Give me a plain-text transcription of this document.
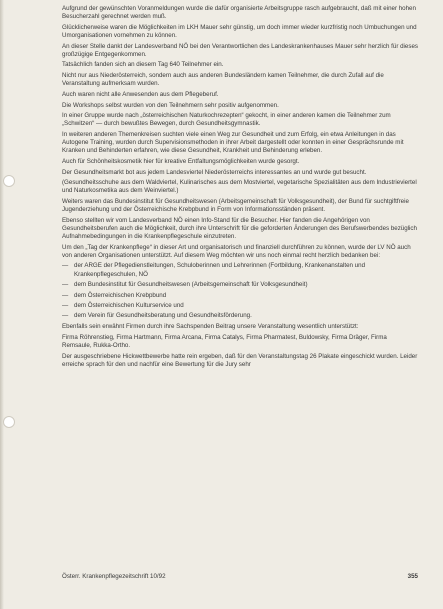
Aufgrund der gewünschten Voranmeldungen wurde die dafür organisierte Arbeitsgruppe rasch aufgebraucht, daß mit einer hohen Besucherzahl gerechnet werden muß.

Glücklicherweise waren die Möglichkeiten im LKH Mauer sehr günstig, um doch immer wieder kurzfristig noch Umbuchungen und Umorganisationen vornehmen zu können.

An dieser Stelle dankt der Landesverband NÖ bei den Verantwortlichen des Landeskrankenhauses Mauer sehr herzlich für dieses großzügige Entgegenkommen.

Tatsächlich fanden sich an diesem Tag 640 Teilnehmer ein.

Nicht nur aus Niederösterreich, sondern auch aus anderen Bundesländern kamen Teilnehmer, die durch Zufall auf die Veranstaltung aufmerksam wurden.

Auch waren nicht alle Anwesenden aus dem Pflegeberuf.

Die Workshops selbst wurden von den Teilnehmern sehr positiv aufgenommen.

In einer Gruppe wurde nach „österreichischen Naturkochrezepten“ gekocht, in einer anderen kamen die Teilnehmer zum „Schwitzen“ — durch bewußtes Bewegen, durch Gesundheitsgymnastik.

In weiteren anderen Themenkreisen suchten viele einen Weg zur Gesundheit und zum Erfolg, ein etwa Anleitungen in das Autogene Training, wurden durch Supervisionsmethoden in ihrer Arbeit dargestellt oder konnten in einer Gesprächsrunde mit Kranken und Behinderten erfahren, wie diese Gesundheit, Krankheit und Behinderung erleben.

Auch für Schönheitskosmetik hier für kreative Entfaltungsmöglichkeiten wurde gesorgt.

Der Gesundheitsmarkt bot aus jedem Landesviertel Niederösterreichs interessantes an und wurde gut besucht.

(Gesundheitsschuhe aus dem Waldviertel, Kulinarisches aus dem Mostviertel, vegetarische Spezialitäten aus dem Industrieviertel und Naturkosmetika aus dem Weinviertel.)

Weiters waren das Bundesinstitut für Gesundheitswesen (Arbeitsgemeinschaft für Volksgesundheit), der Bund für suchtgiftfreie Jugenderziehung und der Österreichische Krebpbund in Form von Informationsständen präsent.

Ebenso stellten wir vom Landesverband NÖ einen Info-Stand für die Besucher. Hier fanden die Angehörigen von Gesundheitsberufen auch die Möglichkeit, durch ihre Unterschrift für die geforderten Änderungen des Berufswerbendes bezüglich Aufnahmebedingungen in die Krankenpflegeschule einzutreten.

Um den „Tag der Krankenpflege“ in dieser Art und organisatorisch und finanziell durchführen zu können, wurde der LV NÖ auch von anderen Organisationen unterstützt. Auf diesem Weg möchten wir uns noch einmal recht herzlich bedanken bei:

— der ARGE der Pflegedienstleitungen, Schuloberinnen und Lehrerinnen (Fortbildung, Krankenanstalten und Krankenpflegeschulen, NÖ
— dem Bundesinstitut für Gesundheitswesen (Arbeitsgemeinschaft für Volksgesundheit)
— dem Österreichischen Krebpbund
— dem Österreichischen Kulturservice und
— dem Verein für Gesundheitsberatung und Gesundheitsförderung.

Ebenfalls sein erwähnt Firmen durch ihre Sachspenden Beitrag unsere Veranstaltung wesentlich unterstützt:

Firma Röhrenstieg, Firma Hartmann, Firma Arcana, Firma Catalys, Firma Pharmatest, Buldowsky, Firma Dräger, Firma Remsaule, Rukka-Ortho.

Der ausgeschriebene Hickwettbewerbe hatte rein ergeben, daß für den Veranstaltungstag 26 Plakate eingeschickt wurden. Leider erreiche sprach für den und nachfür eine Bewertung für die Jury sehr

Österr. Krankenpflegezeitschrift 10/92	355
